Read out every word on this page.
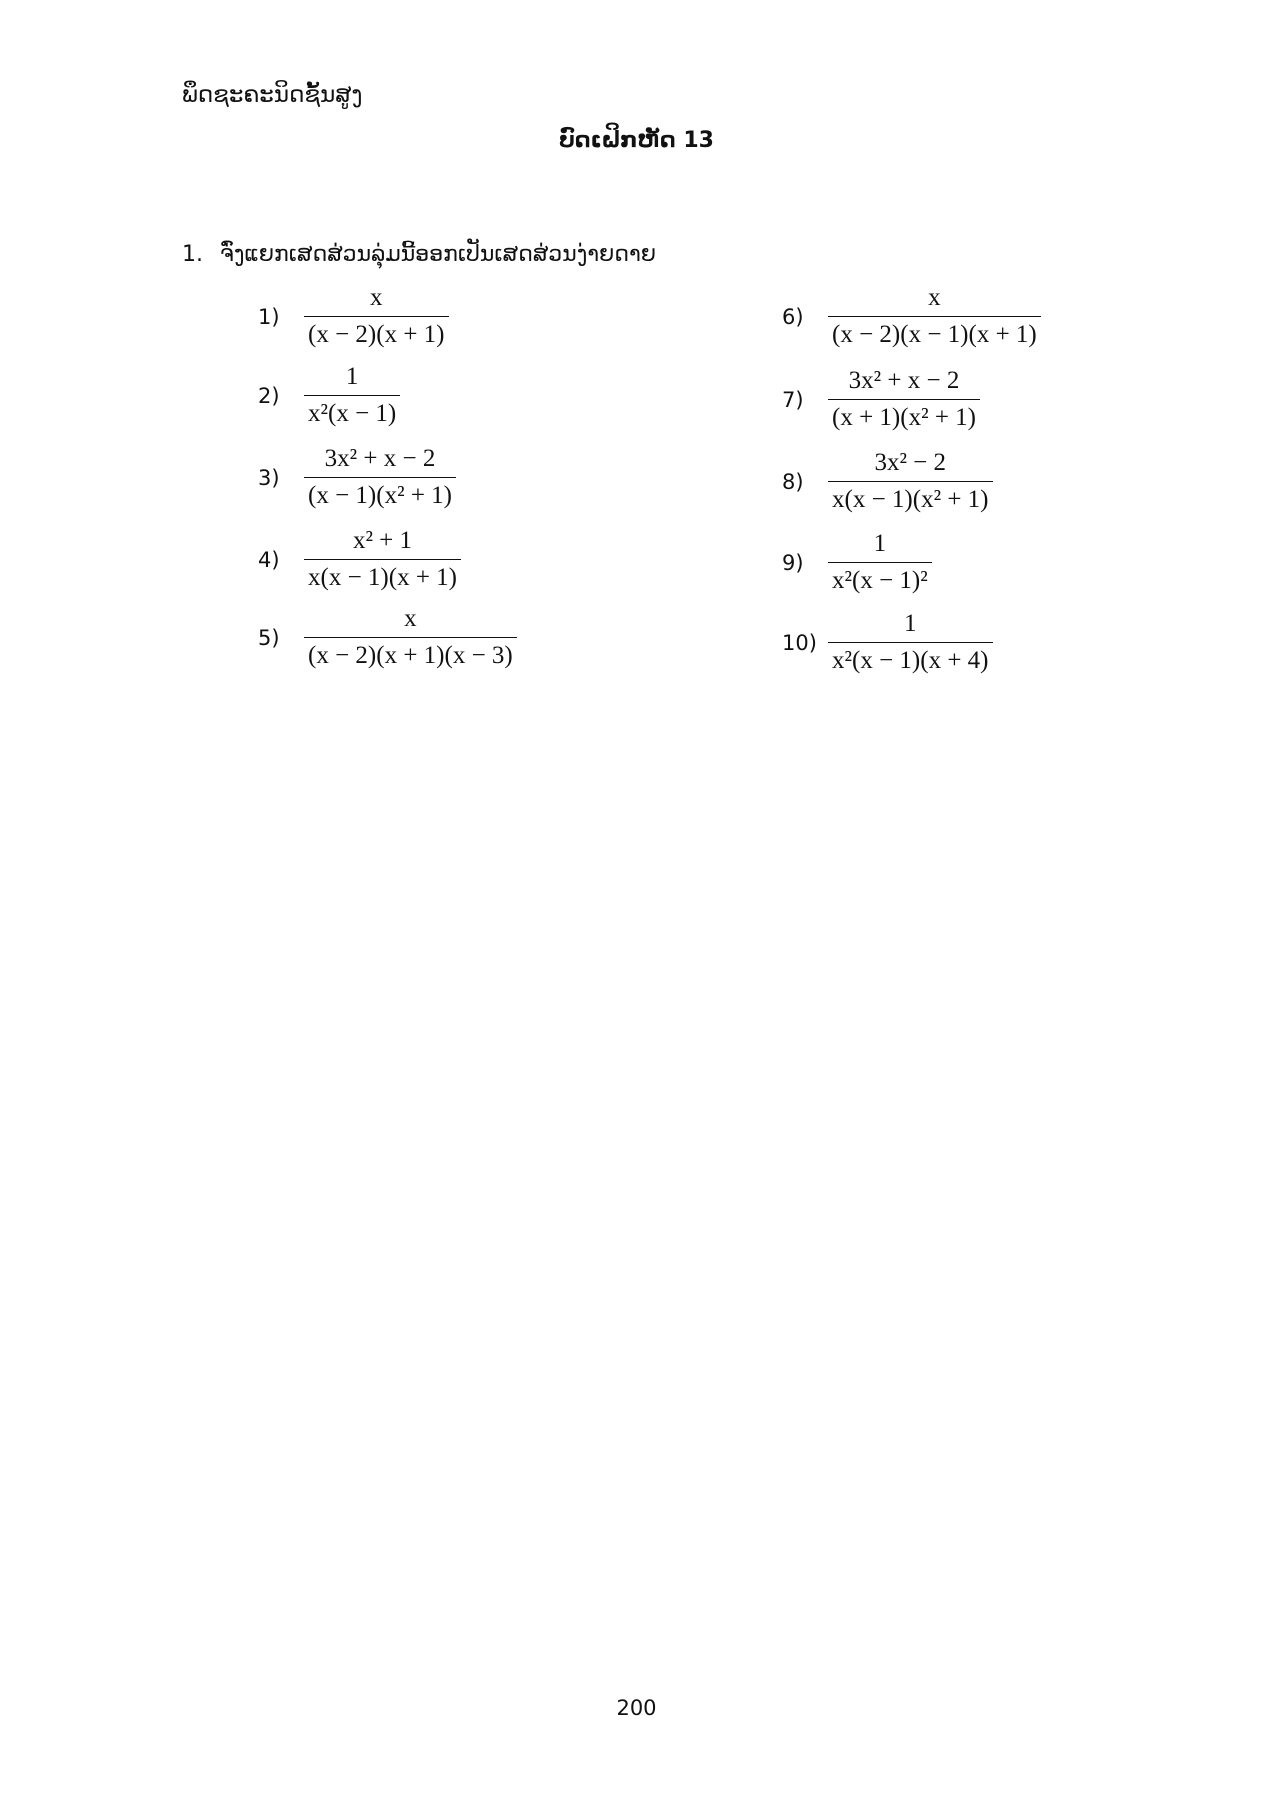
ພຶດຊະຄະນິດຊັ້ນສູງ
ບົດເຝິກຫັດ 13
1. ຈົ່ງແຍກເສດສ່ວນລຸ່ມນີ້ອອກເປັນເສດສ່ວນງ່າຍດາຍ
$1) \frac{x}{(x - 2)(x + 1)}$
$2) \frac{1}{\text{x²(x − 1)}}$
$3) \frac{\text{3x² + x − 2}}{\text{(x − 1)(x² + 1)}}$
$4) \frac{\text{x² + 1}}{x(x - 1)(x + 1)}$
$5) \frac{x}{(x - 2)(x + 1)(x - 3)}$
$6) \frac{x}{(x - 2)(x - 1)(x + 1)}$
$7) \frac{\text{3x² + x − 2}}{\text{(x + 1)(x² + 1)}}$
$8) \frac{\text{3x² − 2}}{\text{x(x − 1)(x² + 1)}}$
$9) \frac{1}{\text{x²(x − 1)²}}$
$10) \frac{1}{\text{x²(x − 1)(x + 4)}}$
200
